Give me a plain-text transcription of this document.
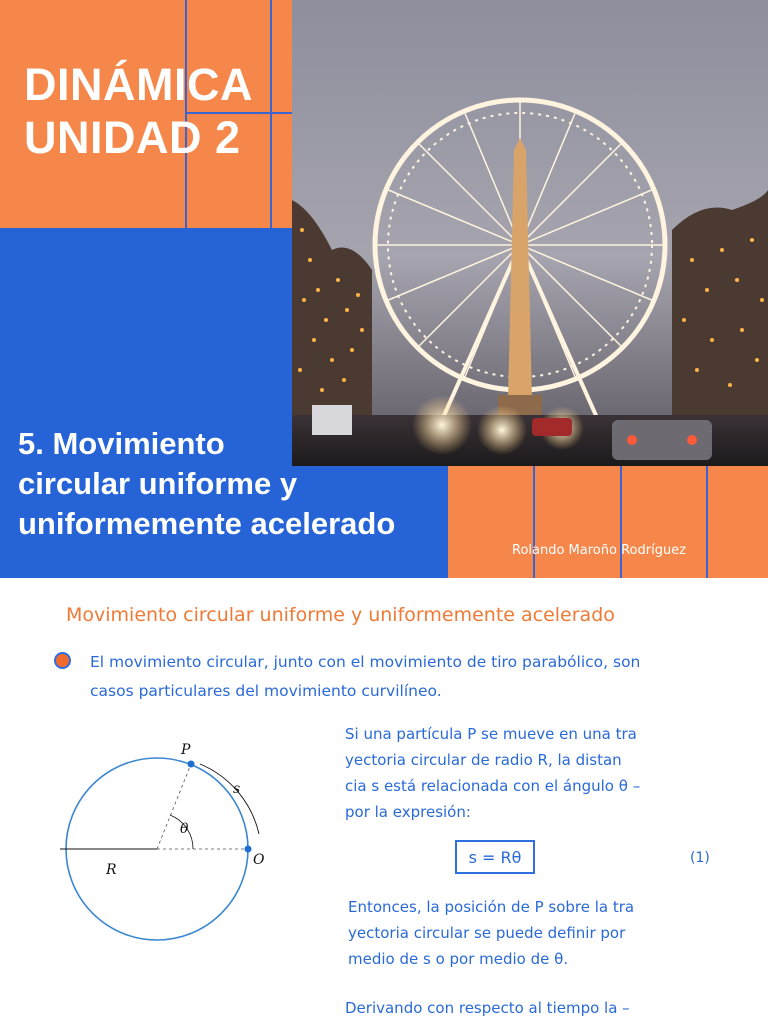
DINÁMICA
UNIDAD 2
5. Movimiento
circular uniforme y
uniformemente acelerado
Rolando Maroño Rodríguez
Movimiento circular uniforme y uniformemente acelerado
El movimiento circular, junto con el movimiento de tiro parabólico, son
casos particulares del movimiento curvilíneo.
P
s
θ
R
O
Si una partícula P se mueve en una tra
yectoria circular de radio R, la distan
cia s está relacionada con el ángulo θ –
por la expresión:
s = Rθ	(1)
Entonces, la posición de P sobre la tra
yectoria circular se puede definir por
medio de s o por medio de θ.
Derivando con respecto al tiempo la –
